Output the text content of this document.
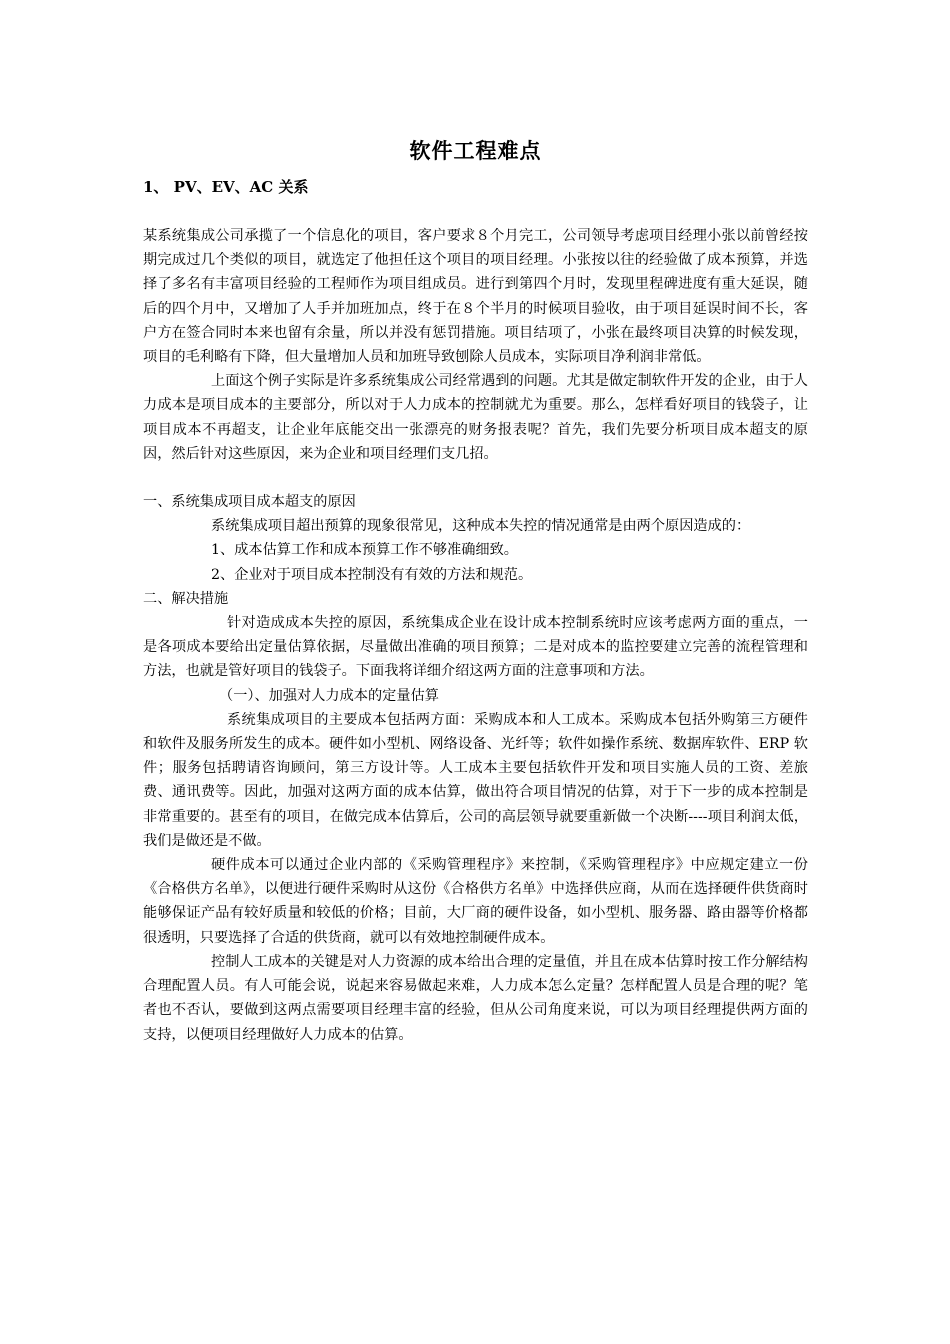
软件工程难点
1、 PV、EV、AC 关系

某系统集成公司承揽了一个信息化的项目，客户要求８个月完工，公司领导考虑项目经理小张以前曾经按期完成过几个类似的项目，就选定了他担任这个项目的项目经理。小张按以往的经验做了成本预算，并选择了多名有丰富项目经验的工程师作为项目组成员。进行到第四个月时，发现里程碑进度有重大延误，随后的四个月中，又增加了人手并加班加点，终于在８个半月的时候项目验收，由于项目延误时间不长，客户方在签合同时本来也留有余量，所以并没有惩罚措施。项目结项了，小张在最终项目决算的时候发现，项目的毛利略有下降，但大量增加人员和加班导致刨除人员成本，实际项目净利润非常低。

上面这个例子实际是许多系统集成公司经常遇到的问题。尤其是做定制软件开发的企业，由于人力成本是项目成本的主要部分，所以对于人力成本的控制就尤为重要。那么，怎样看好项目的钱袋子，让项目成本不再超支，让企业年底能交出一张漂亮的财务报表呢？首先，我们先要分析项目成本超支的原因，然后针对这些原因，来为企业和项目经理们支几招。

一、系统集成项目成本超支的原因

系统集成项目超出预算的现象很常见，这种成本失控的情况通常是由两个原因造成的：

1、成本估算工作和成本预算工作不够准确细致。

2、企业对于项目成本控制没有有效的方法和规范。

二、解决措施

针对造成成本失控的原因，系统集成企业在设计成本控制系统时应该考虑两方面的重点，一是各项成本要给出定量估算依据，尽量做出准确的项目预算；二是对成本的监控要建立完善的流程管理和方法，也就是管好项目的钱袋子。下面我将详细介绍这两方面的注意事项和方法。

（一）、加强对人力成本的定量估算

系统集成项目的主要成本包括两方面：采购成本和人工成本。采购成本包括外购第三方硬件和软件及服务所发生的成本。硬件如小型机、网络设备、光纤等；软件如操作系统、数据库软件、ERP 软件；服务包括聘请咨询顾问，第三方设计等。人工成本主要包括软件开发和项目实施人员的工资、差旅费、通讯费等。因此，加强对这两方面的成本估算，做出符合项目情况的估算，对于下一步的成本控制是非常重要的。甚至有的项目，在做完成本估算后，公司的高层领导就要重新做一个决断----项目利润太低，我们是做还是不做。

硬件成本可以通过企业内部的《采购管理程序》来控制，《采购管理程序》中应规定建立一份《合格供方名单》，以便进行硬件采购时从这份《合格供方名单》中选择供应商，从而在选择硬件供货商时能够保证产品有较好质量和较低的价格；目前，大厂商的硬件设备，如小型机、服务器、路由器等价格都很透明，只要选择了合适的供货商，就可以有效地控制硬件成本。

控制人工成本的关键是对人力资源的成本给出合理的定量值，并且在成本估算时按工作分解结构合理配置人员。有人可能会说，说起来容易做起来难，人力成本怎么定量？怎样配置人员是合理的呢？笔者也不否认，要做到这两点需要项目经理丰富的经验，但从公司角度来说，可以为项目经理提供两方面的支持，以便项目经理做好人力成本的估算。
